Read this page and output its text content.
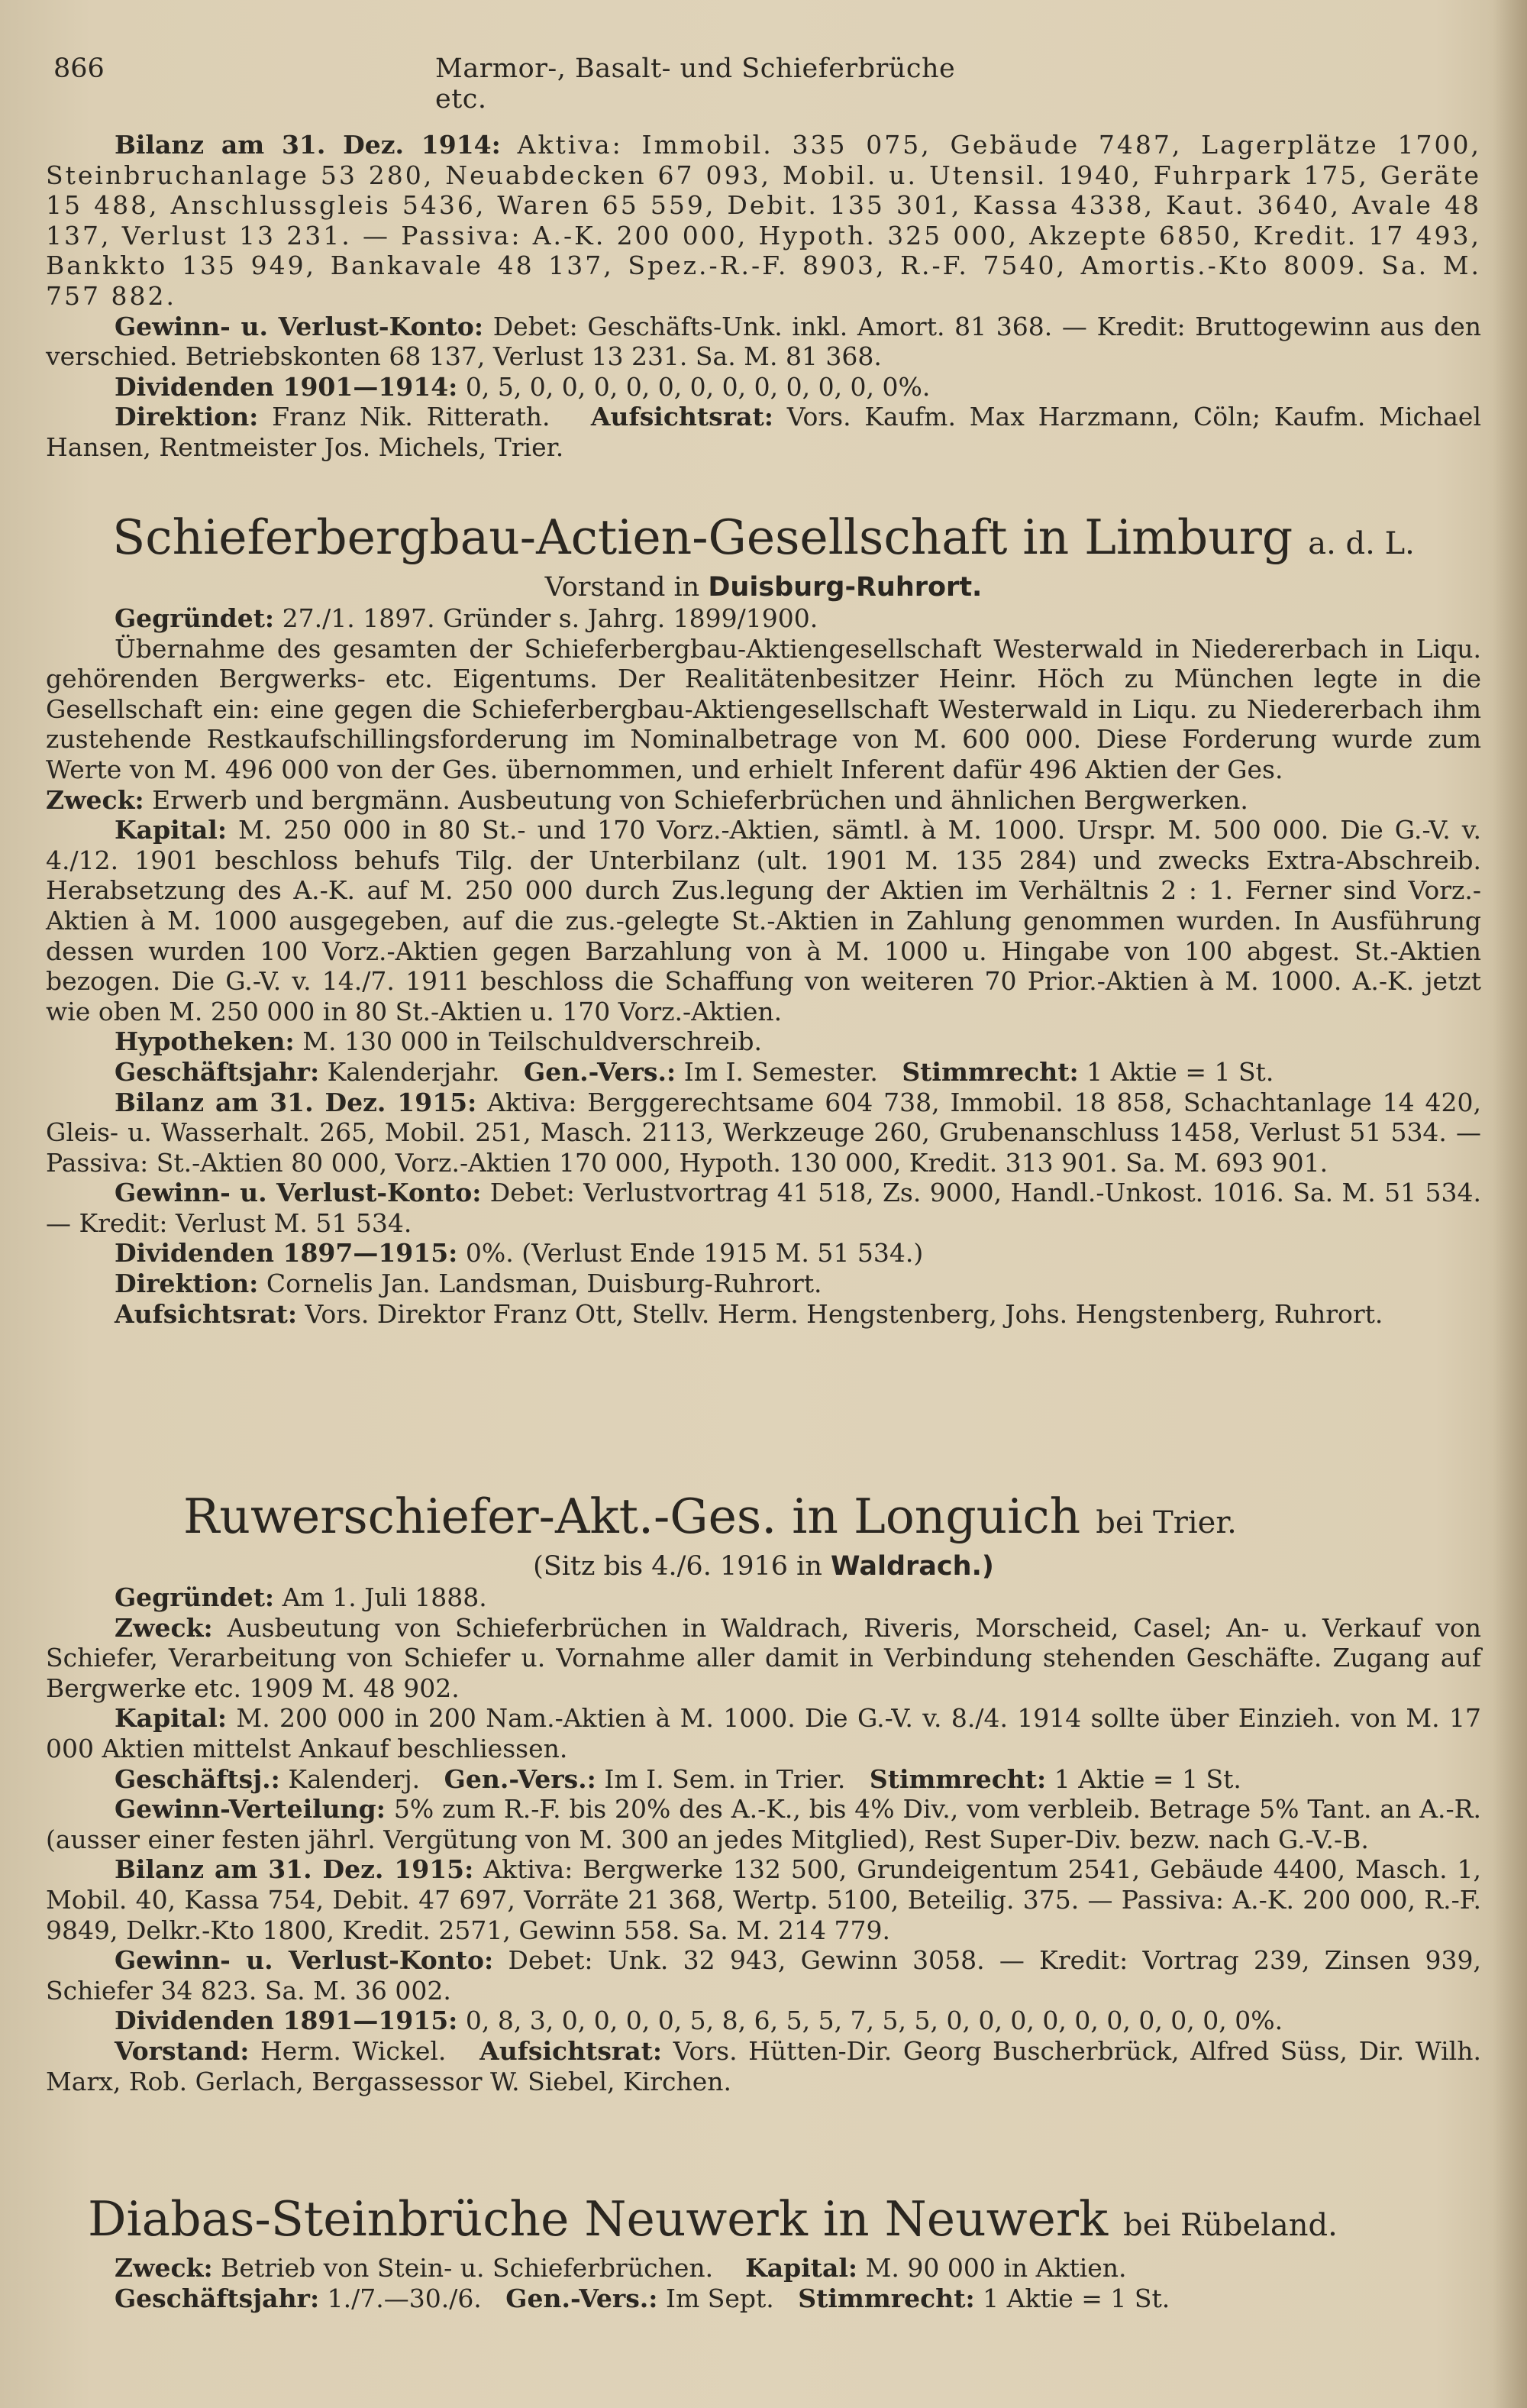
866	Marmor-, Basalt- und Schieferbrüche etc.

Bilanz am 31. Dez. 1914: Aktiva: Immobil. 335 075, Gebäude 7487, Lagerplätze 1700, Steinbruchanlage 53 280, Neuabdecken 67 093, Mobil. u. Utensil. 1940, Fuhrpark 175, Geräte 15 488, Anschlussgleis 5436, Waren 65 559, Debit. 135 301, Kassa 4338, Kaut. 3640, Avale 48 137, Verlust 13 231. — Passiva: A.-K. 200 000, Hypoth. 325 000, Akzepte 6850, Kredit. 17 493, Bankkto 135 949, Bankavale 48 137, Spez.-R.-F. 8903, R.-F. 7540, Amortis.-Kto 8009. Sa. M. 757 882.

Gewinn- u. Verlust-Konto: Debet: Geschäfts-Unk. inkl. Amort. 81 368. — Kredit: Bruttogewinn aus den verschied. Betriebskonten 68 137, Verlust 13 231. Sa. M. 81 368.

Dividenden 1901—1914: 0, 5, 0, 0, 0, 0, 0, 0, 0, 0, 0, 0, 0, 0%.

Direktion: Franz Nik. Ritterath. Aufsichtsrat: Vors. Kaufm. Max Harzmann, Cöln; Kaufm. Michael Hansen, Rentmeister Jos. Michels, Trier.

Schieferbergbau-Actien-Gesellschaft in Limburg a. d. L.
Vorstand in Duisburg-Ruhrort.

Gegründet: 27./1. 1897. Gründer s. Jahrg. 1899/1900.

Übernahme des gesamten der Schieferbergbau-Aktiengesellschaft Westerwald in Niedererbach in Liqu. gehörenden Bergwerks- etc. Eigentums. Der Realitätenbesitzer Heinr. Höch zu München legte in die Gesellschaft ein: eine gegen die Schieferbergbau-Aktiengesellschaft Westerwald in Liqu. zu Niedererbach ihm zustehende Restkaufschillingsforderung im Nominalbetrage von M. 600 000. Diese Forderung wurde zum Werte von M. 496 000 von der Ges. übernommen, und erhielt Inferent dafür 496 Aktien der Ges.

Zweck: Erwerb und bergmänn. Ausbeutung von Schieferbrüchen und ähnlichen Bergwerken.

Kapital: M. 250 000 in 80 St.- und 170 Vorz.-Aktien, sämtl. à M. 1000. Urspr. M. 500 000. Die G.-V. v. 4./12. 1901 beschloss behufs Tilg. der Unterbilanz (ult. 1901 M. 135 284) und zwecks Extra-Abschreib. Herabsetzung des A.-K. auf M. 250 000 durch Zus.legung der Aktien im Verhältnis 2 : 1. Ferner sind Vorz.-Aktien à M. 1000 ausgegeben, auf die zus.-gelegte St.-Aktien in Zahlung genommen wurden. In Ausführung dessen wurden 100 Vorz.-Aktien gegen Barzahlung von à M. 1000 u. Hingabe von 100 abgest. St.-Aktien bezogen. Die G.-V. v. 14./7. 1911 beschloss die Schaffung von weiteren 70 Prior.-Aktien à M. 1000. A.-K. jetzt wie oben M. 250 000 in 80 St.-Aktien u. 170 Vorz.-Aktien.

Hypotheken: M. 130 000 in Teilschuldverschreib.

Geschäftsjahr: Kalenderjahr. Gen.-Vers.: Im I. Semester. Stimmrecht: 1 Aktie = 1 St.

Bilanz am 31. Dez. 1915: Aktiva: Berggerechtsame 604 738, Immobil. 18 858, Schachtanlage 14 420, Gleis- u. Wasserhalt. 265, Mobil. 251, Masch. 2113, Werkzeuge 260, Grubenanschluss 1458, Verlust 51 534. — Passiva: St.-Aktien 80 000, Vorz.-Aktien 170 000, Hypoth. 130 000, Kredit. 313 901. Sa. M. 693 901.

Gewinn- u. Verlust-Konto: Debet: Verlustvortrag 41 518, Zs. 9000, Handl.-Unkost. 1016. Sa. M. 51 534. — Kredit: Verlust M. 51 534.

Dividenden 1897—1915: 0%. (Verlust Ende 1915 M. 51 534.)

Direktion: Cornelis Jan. Landsman, Duisburg-Ruhrort.

Aufsichtsrat: Vors. Direktor Franz Ott, Stellv. Herm. Hengstenberg, Johs. Hengstenberg, Ruhrort.

Ruwerschiefer-Akt.-Ges. in Longuich bei Trier.
(Sitz bis 4./6. 1916 in Waldrach.)

Gegründet: Am 1. Juli 1888.

Zweck: Ausbeutung von Schieferbrüchen in Waldrach, Riveris, Morscheid, Casel; An- u. Verkauf von Schiefer, Verarbeitung von Schiefer u. Vornahme aller damit in Verbindung stehenden Geschäfte. Zugang auf Bergwerke etc. 1909 M. 48 902.

Kapital: M. 200 000 in 200 Nam.-Aktien à M. 1000. Die G.-V. v. 8./4. 1914 sollte über Einzieh. von M. 17 000 Aktien mittelst Ankauf beschliessen.

Geschäftsj.: Kalenderj. Gen.-Vers.: Im I. Sem. in Trier. Stimmrecht: 1 Aktie = 1 St.

Gewinn-Verteilung: 5% zum R.-F. bis 20% des A.-K., bis 4% Div., vom verbleib. Betrage 5% Tant. an A.-R. (ausser einer festen jährl. Vergütung von M. 300 an jedes Mitglied), Rest Super-Div. bezw. nach G.-V.-B.

Bilanz am 31. Dez. 1915: Aktiva: Bergwerke 132 500, Grundeigentum 2541, Gebäude 4400, Masch. 1, Mobil. 40, Kassa 754, Debit. 47 697, Vorräte 21 368, Wertp. 5100, Beteilig. 375. — Passiva: A.-K. 200 000, R.-F. 9849, Delkr.-Kto 1800, Kredit. 2571, Gewinn 558. Sa. M. 214 779.

Gewinn- u. Verlust-Konto: Debet: Unk. 32 943, Gewinn 3058. — Kredit: Vortrag 239, Zinsen 939, Schiefer 34 823. Sa. M. 36 002.

Dividenden 1891—1915: 0, 8, 3, 0, 0, 0, 0, 5, 8, 6, 5, 5, 7, 5, 5, 0, 0, 0, 0, 0, 0, 0, 0, 0, 0%.

Vorstand: Herm. Wickel. Aufsichtsrat: Vors. Hütten-Dir. Georg Buscherbrück, Alfred Süss, Dir. Wilh. Marx, Rob. Gerlach, Bergassessor W. Siebel, Kirchen.

Diabas-Steinbrüche Neuwerk in Neuwerk bei Rübeland.

Zweck: Betrieb von Stein- u. Schieferbrüchen. Kapital: M. 90 000 in Aktien.

Geschäftsjahr: 1./7.—30./6. Gen.-Vers.: Im Sept. Stimmrecht: 1 Aktie = 1 St.
